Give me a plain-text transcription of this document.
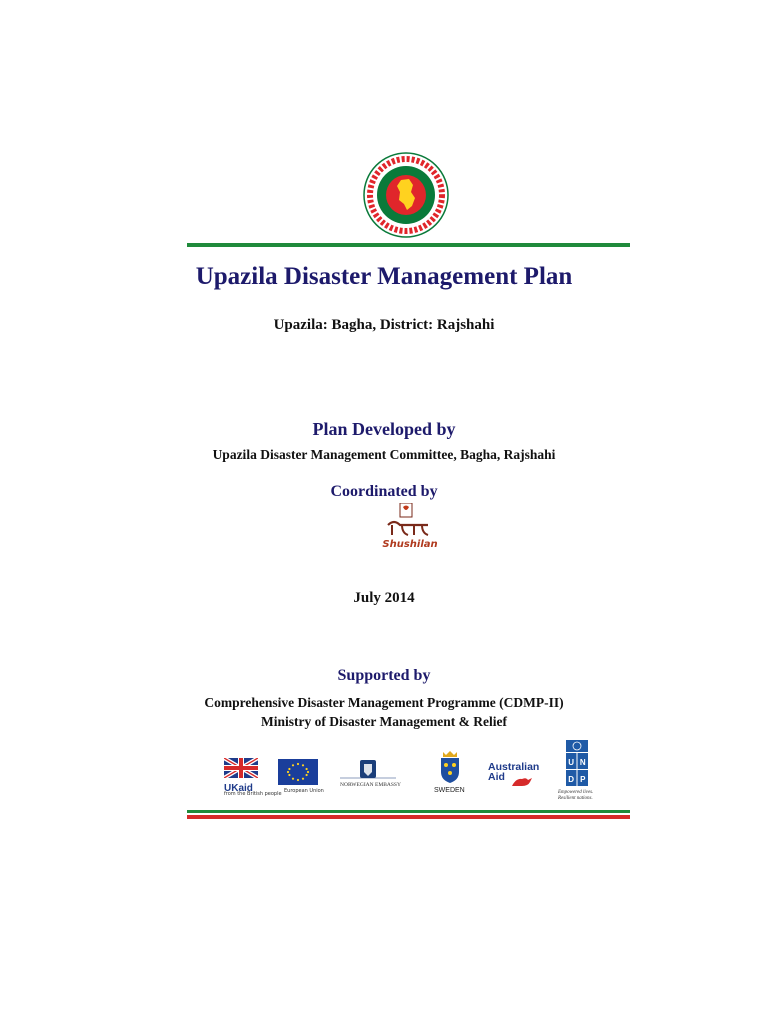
Upazila Disaster Management Plan
Upazila: Bagha, District: Rajshahi
Plan Developed by
Upazila Disaster Management Committee, Bagha, Rajshahi
Coordinated by
Shushilan
July 2014
Supported by
Comprehensive Disaster Management Programme (CDMP-II)
Ministry of Disaster Management & Relief
UKaid
from the British people European Union
NORWEGIAN EMBASSY
SWEDEN
Australian
Aid
U N
D P
Empowered lives.
Resilient nations.
